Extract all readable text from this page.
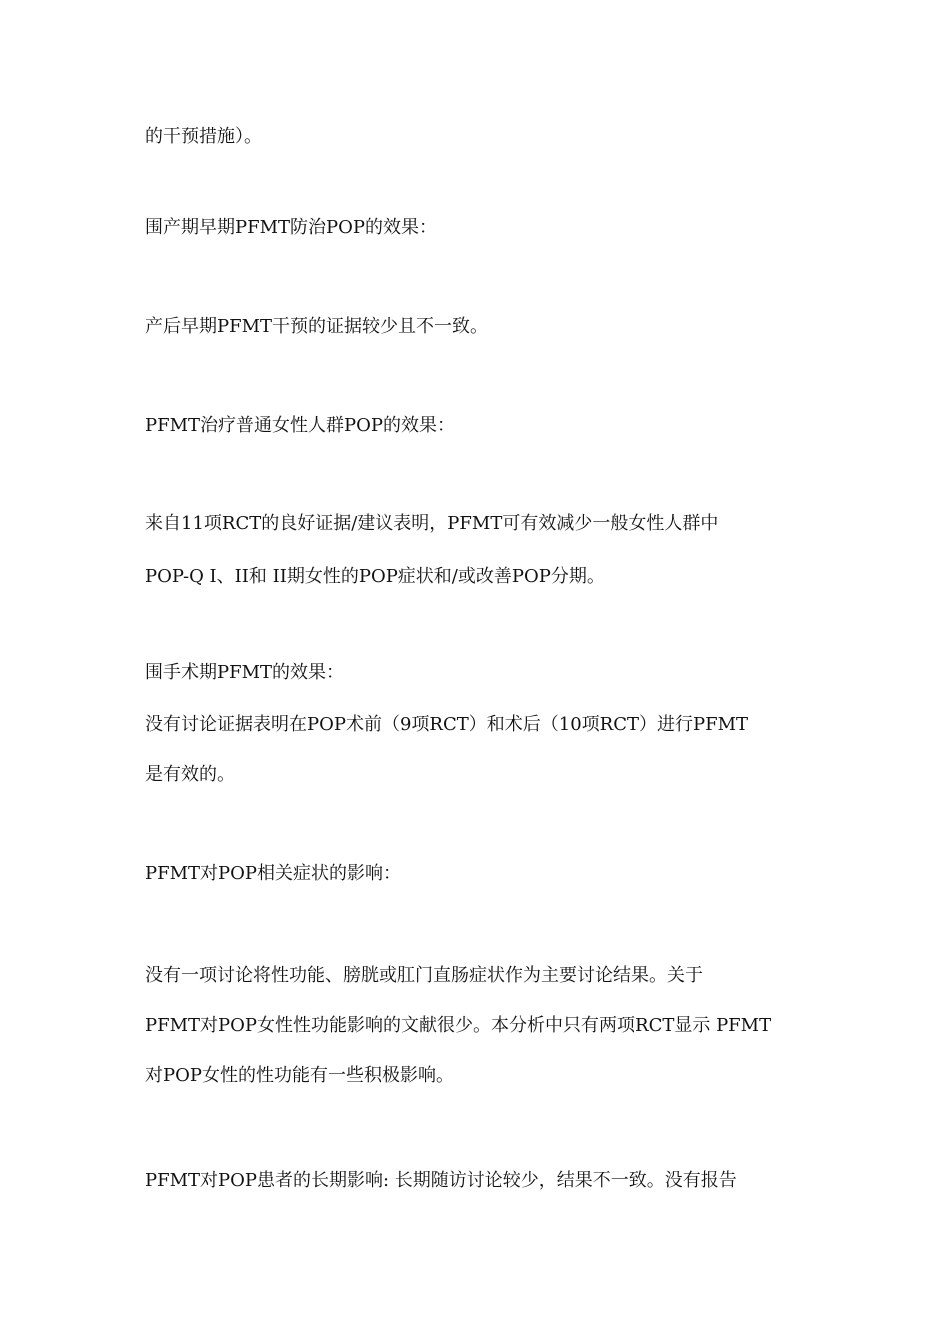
的干预措施）。
围产期早期PFMT防治POP的效果：
产后早期PFMT干预的证据较少且不一致。
PFMT治疗普通女性人群POP的效果：
来自11项RCT的良好证据/建议表明，PFMT可有效减少一般女性人群中
POP-Q I、II和 II期女性的POP症状和/或改善POP分期。
围手术期PFMT的效果：
没有讨论证据表明在POP术前（9项RCT）和术后（10项RCT）进行PFMT
是有效的。
PFMT对POP相关症状的影响：
没有一项讨论将性功能、膀胱或肛门直肠症状作为主要讨论结果。关于
PFMT对POP女性性功能影响的文献很少。本分析中只有两项RCT显示 PFMT
对POP女性的性功能有一些积极影响。
PFMT对POP患者的长期影响: 长期随访讨论较少，结果不一致。没有报告
